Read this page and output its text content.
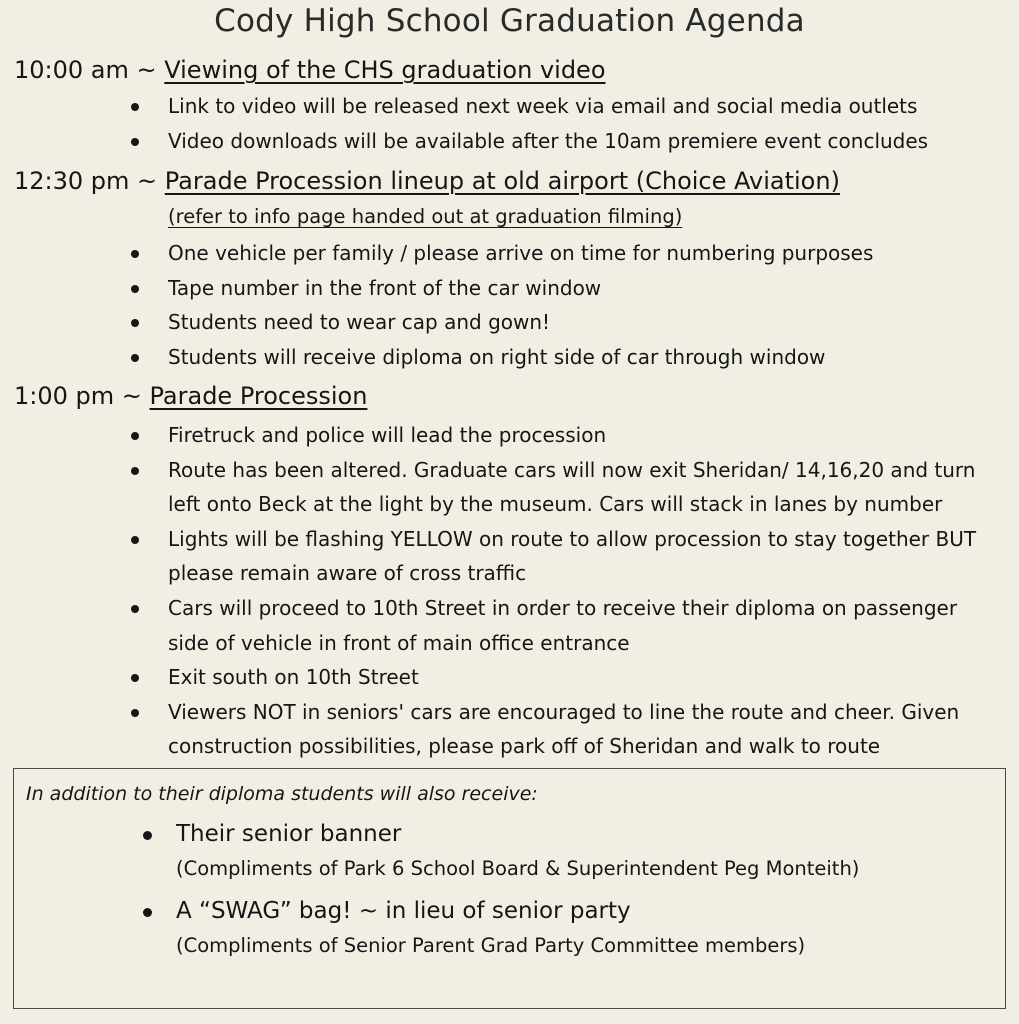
Cody High School Graduation Agenda
10:00 am ~ Viewing of the CHS graduation video
Link to video will be released next week via email and social media outlets
Video downloads will be available after the 10am premiere event concludes
12:30 pm ~ Parade Procession lineup at old airport (Choice Aviation)
(refer to info page handed out at graduation filming)
One vehicle per family / please arrive on time for numbering purposes
Tape number in the front of the car window
Students need to wear cap and gown!
Students will receive diploma on right side of car through window
1:00 pm ~ Parade Procession
Firetruck and police will lead the procession
Route has been altered. Graduate cars will now exit Sheridan/ 14,16,20 and turn left onto Beck at the light by the museum. Cars will stack in lanes by number
Lights will be flashing YELLOW on route to allow procession to stay together BUT please remain aware of cross traffic
Cars will proceed to 10th Street in order to receive their diploma on passenger side of vehicle in front of main office entrance
Exit south on 10th Street
Viewers NOT in seniors' cars are encouraged to line the route and cheer. Given construction possibilities, please park off of Sheridan and walk to route
In addition to their diploma students will also receive:
Their senior banner
(Compliments of Park 6 School Board & Superintendent Peg Monteith)
A “SWAG” bag! ~ in lieu of senior party
(Compliments of Senior Parent Grad Party Committee members)
